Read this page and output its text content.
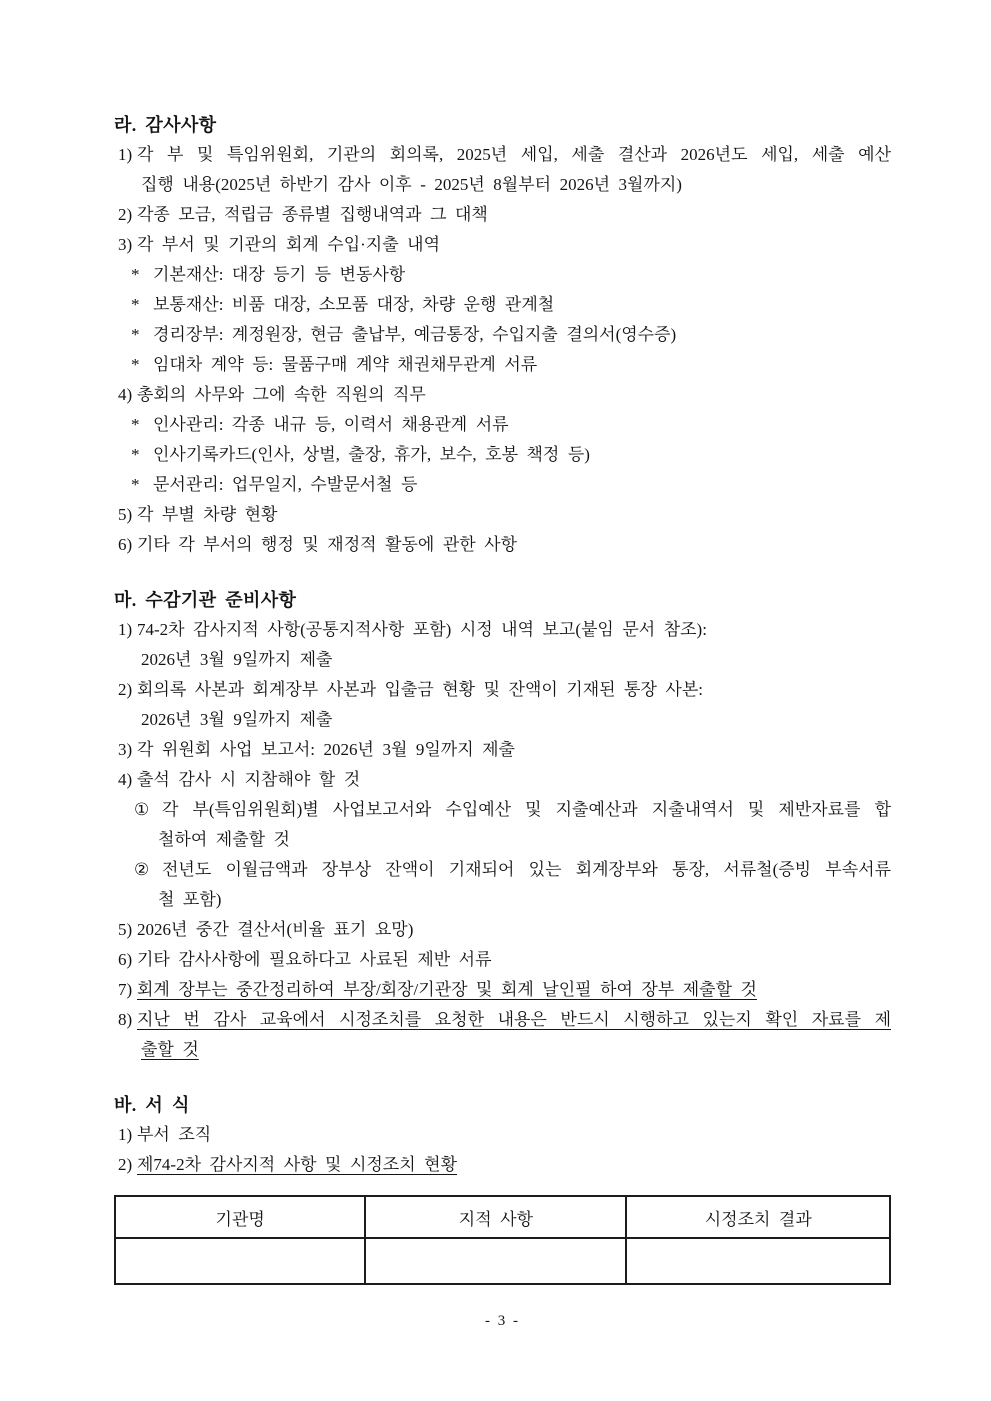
라. 감사사항
1) 각 부 및 특임위원회, 기관의 회의록, 2025년 세입, 세출 결산과 2026년도 세입, 세출 예산
집행 내용(2025년 하반기 감사 이후 - 2025년 8월부터 2026년 3월까지)
2) 각종 모금, 적립금 종류별 집행내역과 그 대책
3) 각 부서 및 기관의 회계 수입·지출 내역
* 기본재산: 대장 등기 등 변동사항
* 보통재산: 비품 대장, 소모품 대장, 차량 운행 관계철
* 경리장부: 계정원장, 현금 출납부, 예금통장, 수입지출 결의서(영수증)
* 임대차 계약 등: 물품구매 계약 채권채무관계 서류
4) 총회의 사무와 그에 속한 직원의 직무
* 인사관리: 각종 내규 등, 이력서 채용관계 서류
* 인사기록카드(인사, 상벌, 출장, 휴가, 보수, 호봉 책정 등)
* 문서관리: 업무일지, 수발문서철 등
5) 각 부별 차량 현황
6) 기타 각 부서의 행정 및 재정적 활동에 관한 사항
마. 수감기관 준비사항
1) 74-2차 감사지적 사항(공통지적사항 포함) 시정 내역 보고(붙임 문서 참조):
2026년 3월 9일까지 제출
2) 회의록 사본과 회계장부 사본과 입출금 현황 및 잔액이 기재된 통장 사본:
2026년 3월 9일까지 제출
3) 각 위원회 사업 보고서: 2026년 3월 9일까지 제출
4) 출석 감사 시 지참해야 할 것
① 각 부(특임위원회)별 사업보고서와 수입예산 및 지출예산과 지출내역서 및 제반자료를 합
철하여 제출할 것
② 전년도 이월금액과 장부상 잔액이 기재되어 있는 회계장부와 통장, 서류철(증빙 부속서류
철 포함)
5) 2026년 중간 결산서(비율 표기 요망)
6) 기타 감사사항에 필요하다고 사료된 제반 서류
7) 회계 장부는 중간정리하여 부장/회장/기관장 및 회계 날인필 하여 장부 제출할 것
8) 지난 번 감사 교육에서 시정조치를 요청한 내용은 반드시 시행하고 있는지 확인 자료를 제
출할 것
바. 서 식
1) 부서 조직
2) 제74-2차 감사지적 사항 및 시정조치 현황
기관명	지적 사항	시정조치 결과

- 3 -
